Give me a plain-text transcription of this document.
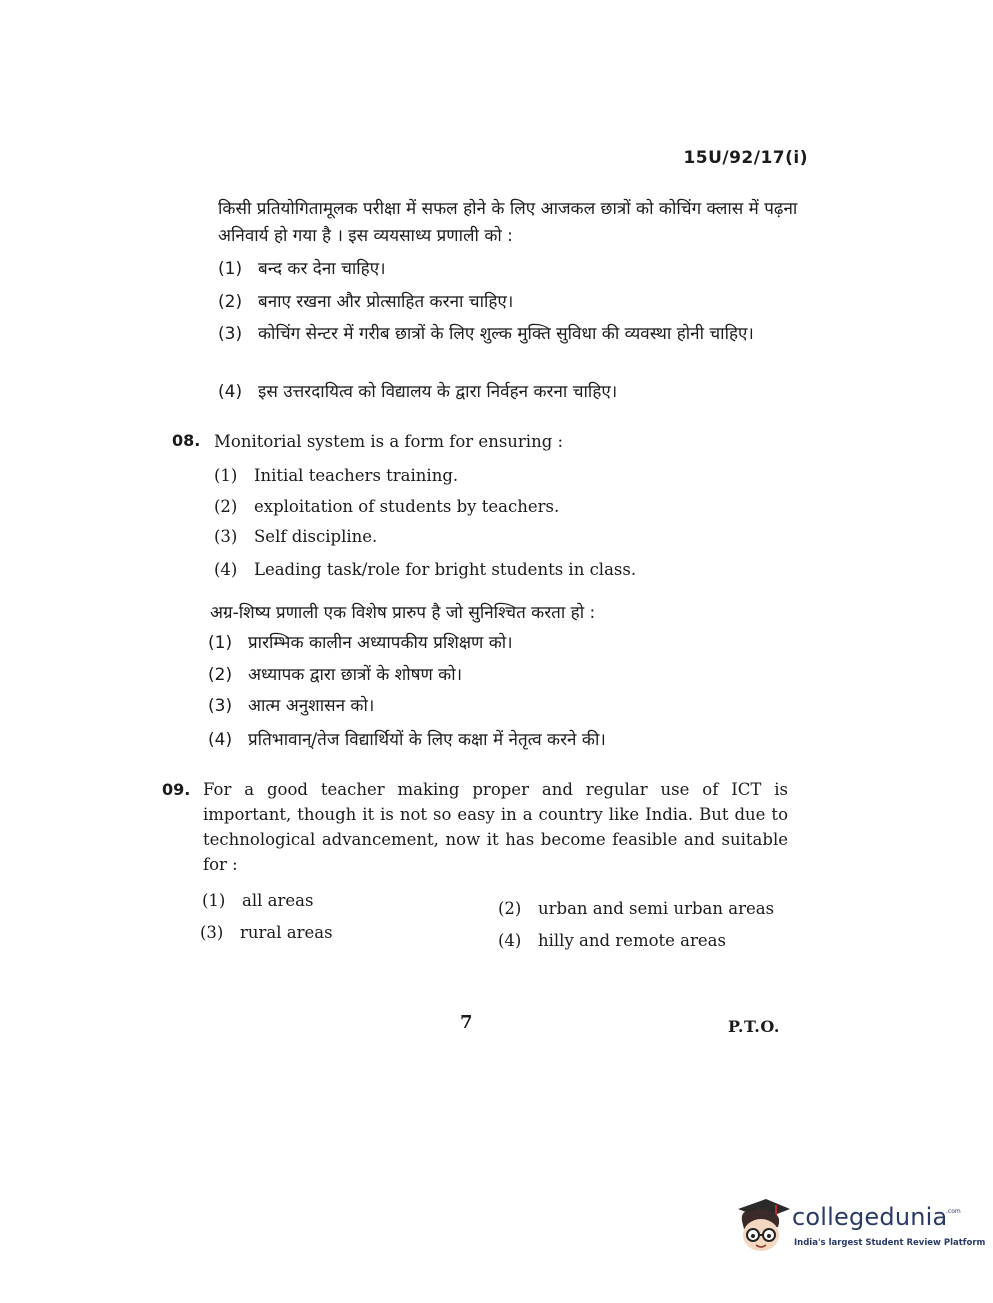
15U/92/17(i)
किसी प्रतियोगितामूलक परीक्षा में सफल होने के लिए आजकल छात्रों को कोचिंग क्लास में पढ़ना अनिवार्य हो गया है । इस व्ययसाध्य प्रणाली को :
(1) बन्द कर देना चाहिए।
(2) बनाए रखना और प्रोत्साहित करना चाहिए।
(3) कोचिंग सेन्टर में गरीब छात्रों के लिए शुल्क मुक्ति सुविधा की व्यवस्था होनी चाहिए।
(4) इस उत्तरदायित्व को विद्यालय के द्वारा निर्वहन करना चाहिए।
08. Monitorial system is a form for ensuring :
(1) Initial teachers training.
(2) exploitation of students by teachers.
(3) Self discipline.
(4) Leading task/role for bright students in class.
अग्र-शिष्य प्रणाली एक विशेष प्रारुप है जो सुनिश्चित करता हो :
(1) प्रारम्भिक कालीन अध्यापकीय प्रशिक्षण को।
(2) अध्यापक द्वारा छात्रों के शोषण को।
(3) आत्म अनुशासन को।
(4) प्रतिभावान्/तेज विद्यार्थियों के लिए कक्षा में नेतृत्व करने की।
09. For a good teacher making proper and regular use of ICT is important, though it is not so easy in a country like India. But due to technological advancement, now it has become feasible and suitable for :
(1) all areas	(2) urban and semi urban areas
(3) rural areas	(4) hilly and remote areas
7	P.T.O.
collegedunia
.com
India's largest Student Review Platform
